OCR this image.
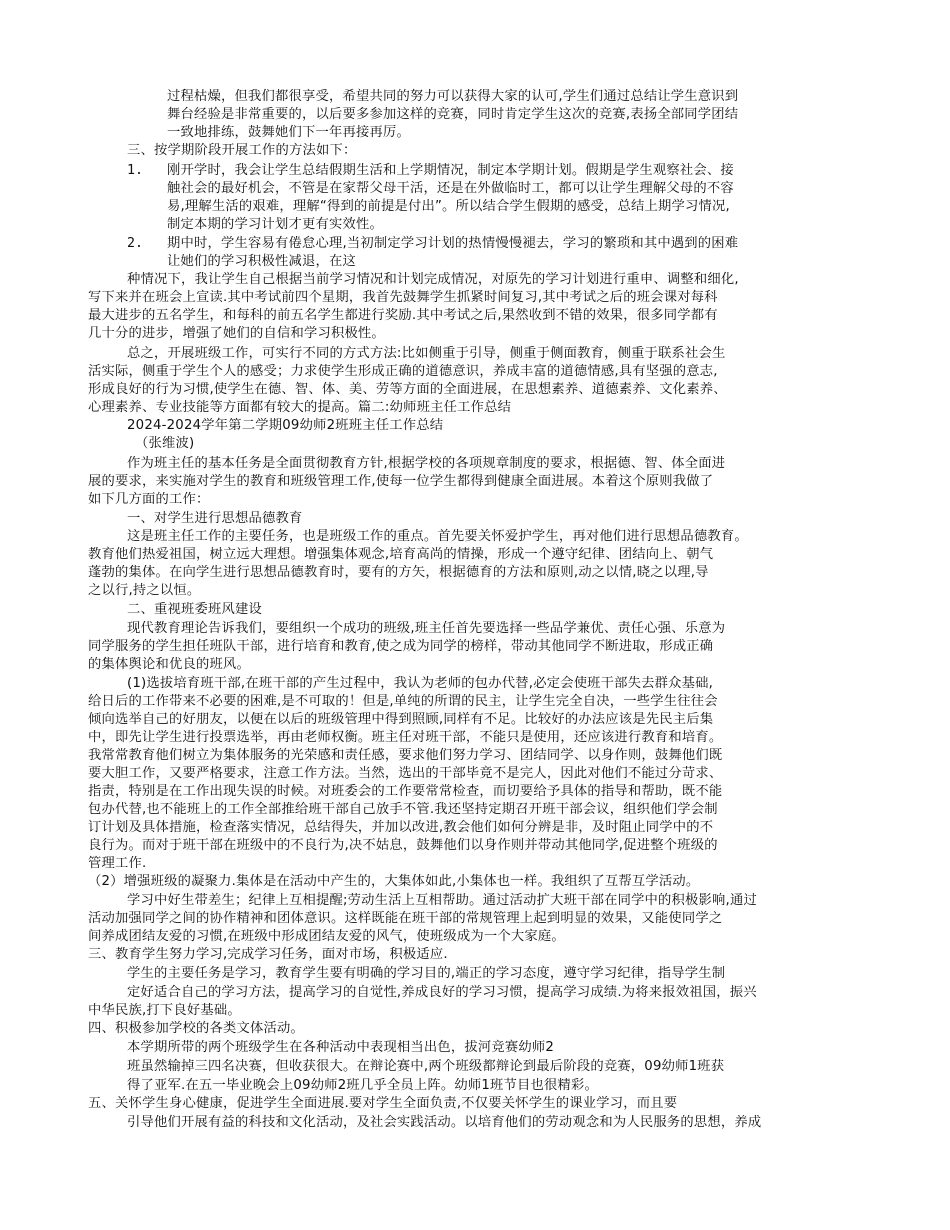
过程枯燥，但我们都很享受，希望共同的努力可以获得大家的认可,学生们通过总结让学生意识到
舞台经验是非常重要的，以后要多参加这样的竞赛，同时肯定学生这次的竞赛,表扬全部同学团结
一致地排练，鼓舞她们下一年再接再厉。
三、按学期阶段开展工作的方法如下：
1. 刚开学时，我会让学生总结假期生活和上学期情况，制定本学期计划。假期是学生观察社会、接
触社会的最好机会，不管是在家帮父母干活，还是在外做临时工，都可以让学生理解父母的不容
易,理解生活的艰难，理解“得到的前提是付出”。所以结合学生假期的感受，总结上期学习情况,
制定本期的学习计划才更有实效性。
2. 期中时，学生容易有倦怠心理,当初制定学习计划的热情慢慢褪去，学习的繁琐和其中遇到的困难
让她们的学习积极性减退，在这
种情况下，我让学生自己根据当前学习情况和计划完成情况，对原先的学习计划进行重申、调整和细化,
写下来并在班会上宣读.其中考试前四个星期，我首先鼓舞学生抓紧时间复习,其中考试之后的班会课对每科
最大进步的五名学生，和每科的前五名学生都进行奖励.其中考试之后,果然收到不错的效果，很多同学都有
几十分的进步，增强了她们的自信和学习积极性。
总之，开展班级工作，可实行不同的方式方法:比如侧重于引导，侧重于侧面教育，侧重于联系社会生
活实际，侧重于学生个人的感受；力求使学生形成正确的道德意识，养成丰富的道德情感,具有坚强的意志,
形成良好的行为习惯,使学生在德、智、体、美、劳等方面的全面进展，在思想素养、道德素养、文化素养、
心理素养、专业技能等方面都有较大的提高。篇二:幼师班主任工作总结
2024-2024学年第二学期09幼师2班班主任工作总结
（张维波)
作为班主任的基本任务是全面贯彻教育方针,根据学校的各项规章制度的要求，根据德、智、体全面进
展的要求，来实施对学生的教育和班级管理工作,使每一位学生都得到健康全面进展。本着这个原则我做了
如下几方面的工作：
一、对学生进行思想品德教育
这是班主任工作的主要任务，也是班级工作的重点。首先要关怀爱护学生，再对他们进行思想品德教育。
教育他们热爱祖国，树立远大理想。增强集体观念,培育高尚的情操，形成一个遵守纪律、团结向上、朝气
蓬勃的集体。在向学生进行思想品德教育时，要有的方矢，根据德育的方法和原则,动之以情,晓之以理,导
之以行,持之以恒。
二、重视班委班风建设
现代教育理论告诉我们，要组织一个成功的班级,班主任首先要选择一些品学兼优、责任心强、乐意为
同学服务的学生担任班队干部，进行培育和教育,使之成为同学的榜样，带动其他同学不断进取，形成正确
的集体舆论和优良的班风。
(1)选拔培育班干部,在班干部的产生过程中，我认为老师的包办代替,必定会使班干部失去群众基础,
给日后的工作带来不必要的困难,是不可取的！但是,单纯的所谓的民主，让学生完全自决，一些学生往往会
倾向选举自己的好朋友，以便在以后的班级管理中得到照顾,同样有不足。比较好的办法应该是先民主后集
中，即先让学生进行投票选举，再由老师权衡。班主任对班干部，不能只是使用，还应该进行教育和培育。
我常常教育他们树立为集体服务的光荣感和责任感，要求他们努力学习、团结同学、以身作则，鼓舞他们既
要大胆工作，又要严格要求，注意工作方法。当然，选出的干部毕竟不是完人，因此对他们不能过分苛求、
指责，特别是在工作出现失误的时候。对班委会的工作要常常检查，而切要给予具体的指导和帮助，既不能
包办代替,也不能班上的工作全部推给班干部自己放手不管.我还坚持定期召开班干部会议，组织他们学会制
订计划及具体措施，检查落实情况，总结得失，并加以改进,教会他们如何分辨是非，及时阻止同学中的不
良行为。而对于班干部在班级中的不良行为,决不姑息，鼓舞他们以身作则并带动其他同学,促进整个班级的
管理工作.
（2）增强班级的凝聚力.集体是在活动中产生的，大集体如此,小集体也一样。我组织了互帮互学活动。
学习中好生带差生；纪律上互相提醒;劳动生活上互相帮助。通过活动扩大班干部在同学中的积极影响,通过
活动加强同学之间的协作精神和团体意识。这样既能在班干部的常规管理上起到明显的效果，又能使同学之
间养成团结友爱的习惯,在班级中形成团结友爱的风气，使班级成为一个大家庭。
三、教育学生努力学习,完成学习任务，面对市场，积极适应.
学生的主要任务是学习，教育学生要有明确的学习目的,端正的学习态度，遵守学习纪律，指导学生制
定好适合自己的学习方法，提高学习的自觉性,养成良好的学习习惯，提高学习成绩.为将来报效祖国，振兴
中华民族,打下良好基础。
四、积极参加学校的各类文体活动。
本学期所带的两个班级学生在各种活动中表现相当出色，拔河竞赛幼师2
班虽然输掉三四名决赛，但收获很大。在辩论赛中,两个班级都辩论到最后阶段的竞赛，09幼师1班获
得了亚军.在五一毕业晚会上09幼师2班几乎全员上阵。幼师1班节目也很精彩。
五、关怀学生身心健康，促进学生全面进展.要对学生全面负责,不仅要关怀学生的课业学习，而且要
引导他们开展有益的科技和文化活动，及社会实践活动。以培育他们的劳动观念和为人民服务的思想，养成
